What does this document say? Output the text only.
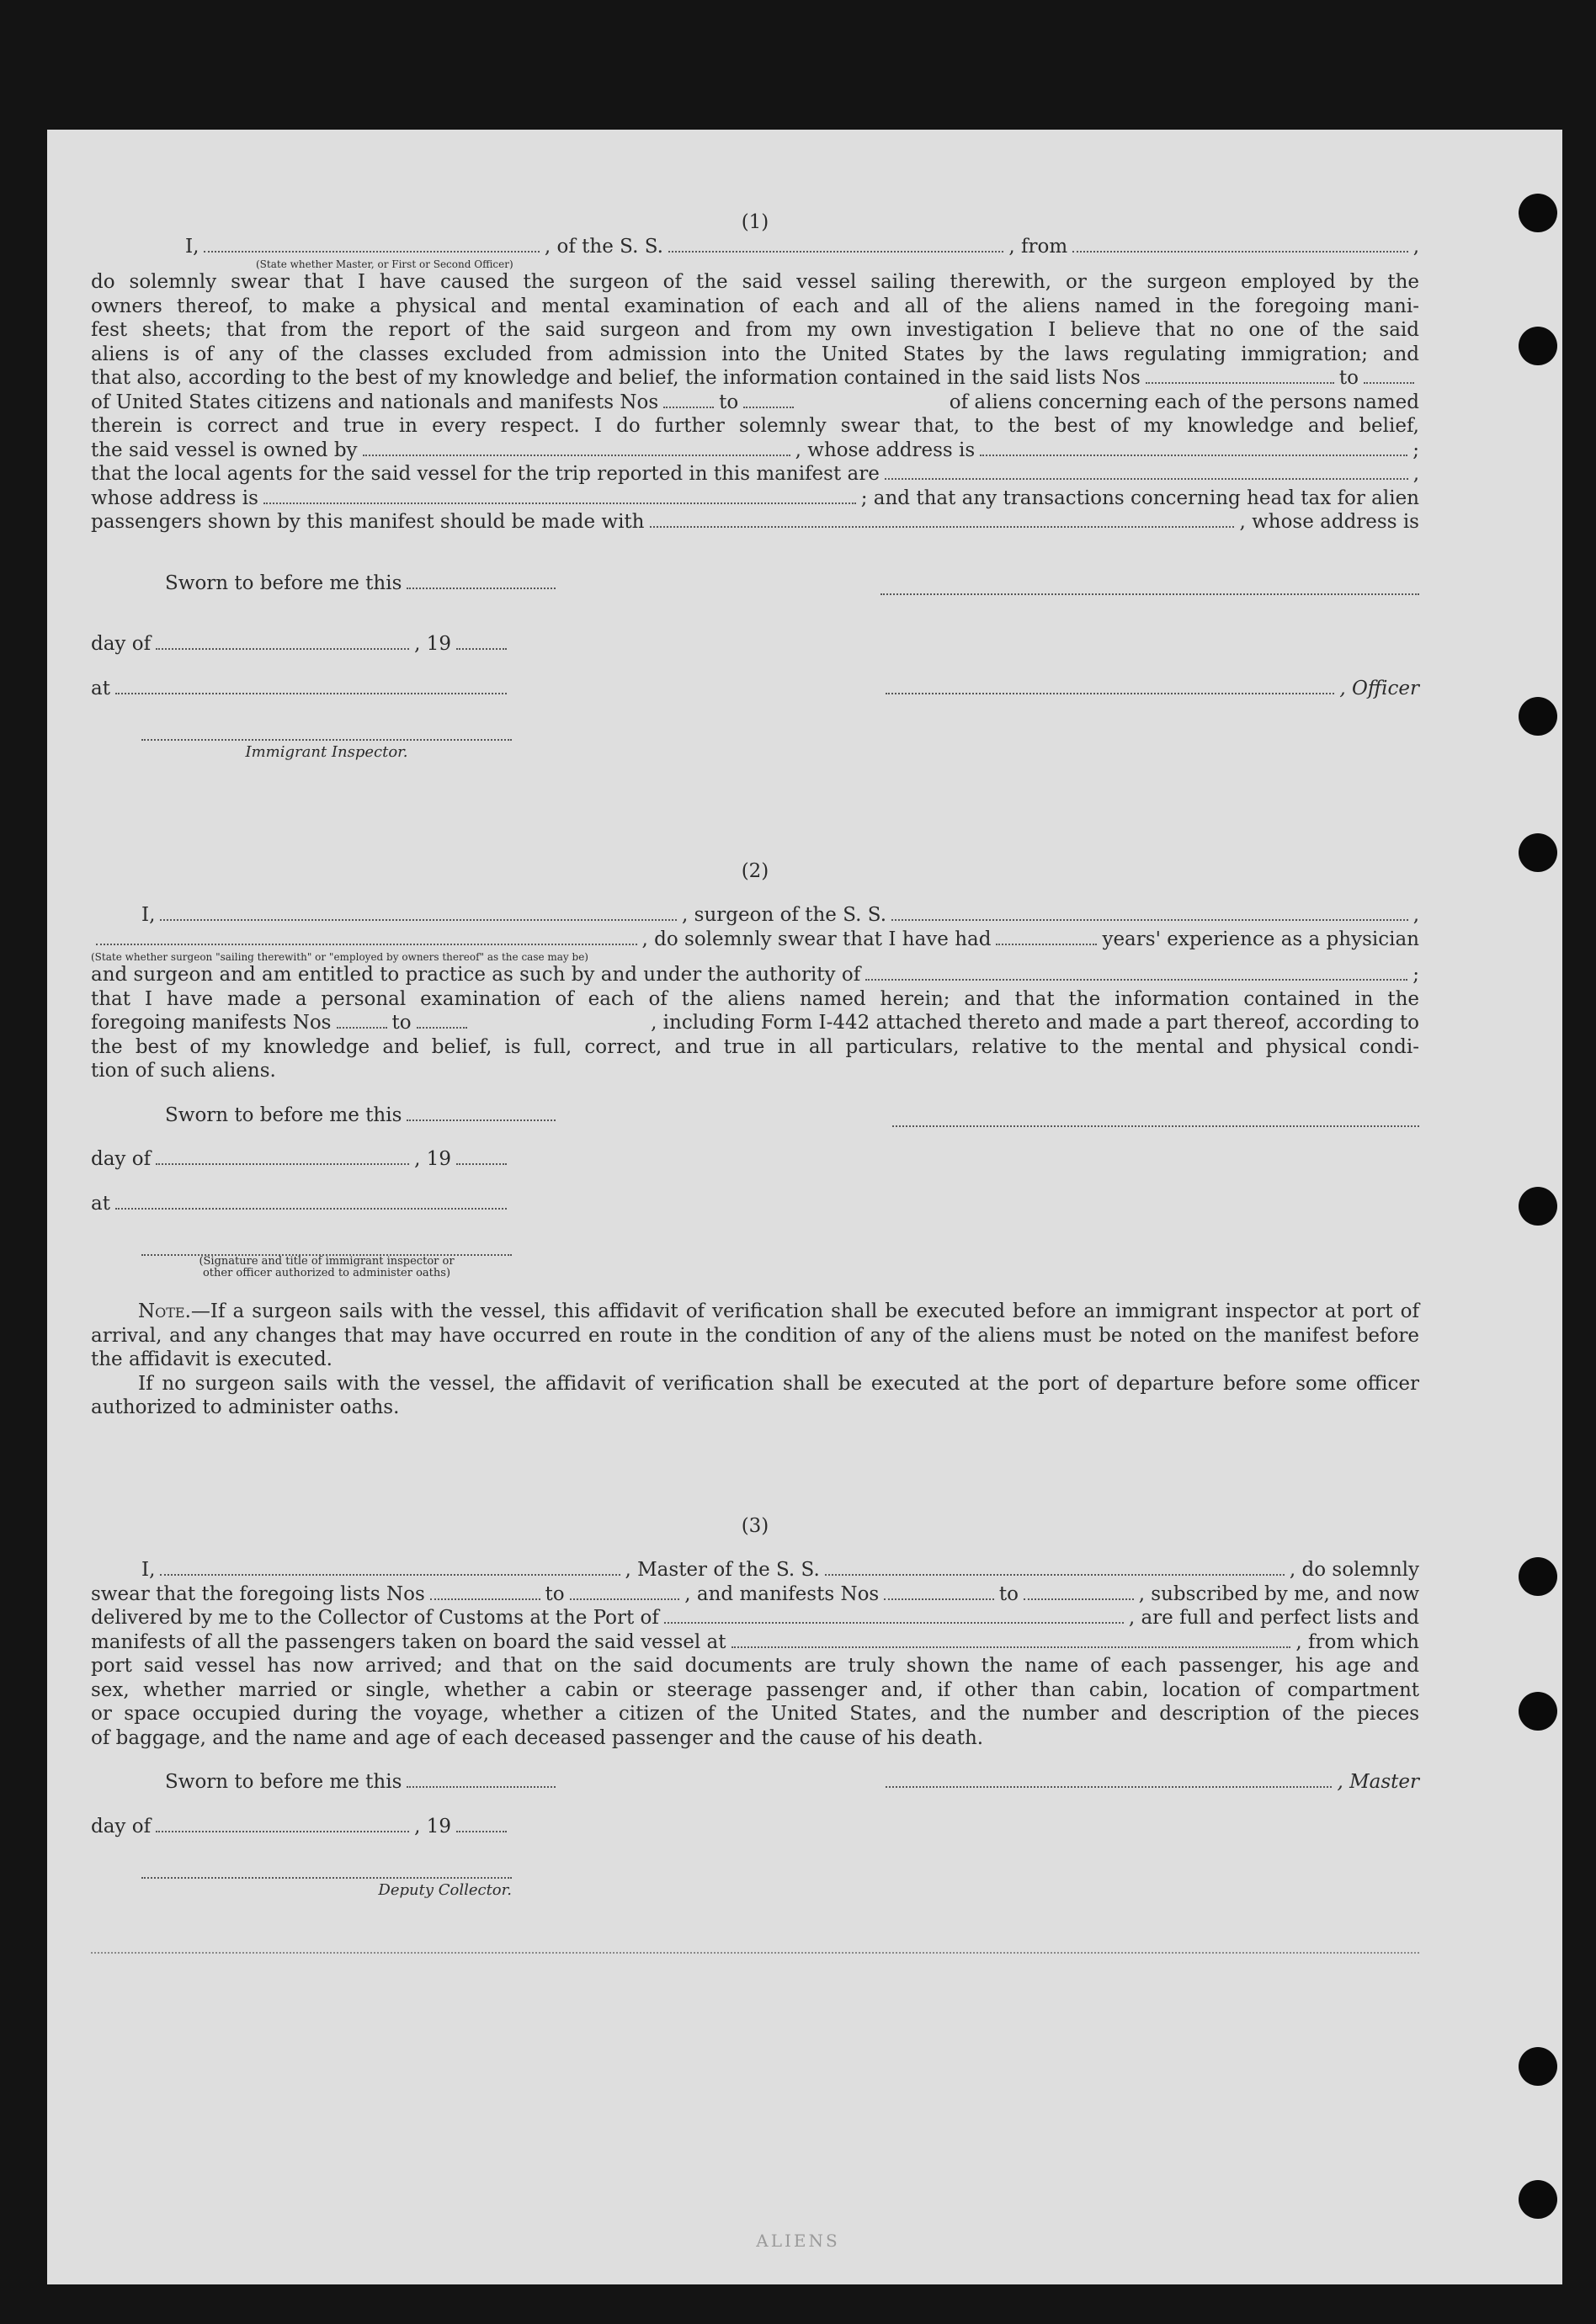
(1)

I,	, of the S. S.	, from	,
(State whether Master, or First or Second Officer)
do solemnly swear that I have caused the surgeon of the said vessel sailing therewith, or the surgeon employed by the
owners thereof, to make a physical and mental examination of each and all of the aliens named in the foregoing mani-
fest sheets; that from the report of the said surgeon and from my own investigation I believe that no one of the said
aliens is of any of the classes excluded from admission into the United States by the laws regulating immigration; and
that also, according to the best of my knowledge and belief, the information contained in the said lists Nos	to
of United States citizens and nationals and manifests Nos	to	of aliens concerning each of the persons named
therein is correct and true in every respect. I do further solemnly swear that, to the best of my knowledge and belief,
the said vessel is owned by	, whose address is	;
that the local agents for the said vessel for the trip reported in this manifest are	,
whose address is	; and that any transactions concerning head tax for alien
passengers shown by this manifest should be made with	, whose address is
Sworn to before me this
day of	, 19
at	, Officer
Immigrant Inspector.

(2)

I,	, surgeon of the S. S.	,
, do solemnly swear that I have had	years' experience as a physician
(State whether surgeon "sailing therewith" or "employed by owners thereof" as the case may be)
and surgeon and am entitled to practice as such by and under the authority of	;
that I have made a personal examination of each of the aliens named herein; and that the information contained in the
foregoing manifests Nos	to	, including Form I-442 attached thereto and made a part thereof, according to
the best of my knowledge and belief, is full, correct, and true in all particulars, relative to the mental and physical condi-
tion of such aliens.
Sworn to before me this
day of	, 19
at
(Signature and title of immigrant inspector or
other officer authorized to administer oaths)
Note.—If a surgeon sails with the vessel, this affidavit of verification shall be executed before an immigrant inspector at port of arrival, and any changes that may have occurred en route in the condition of any of the aliens must be noted on the manifest before the affidavit is executed.
If no surgeon sails with the vessel, the affidavit of verification shall be executed at the port of departure before some officer authorized to administer oaths.

(3)

I,	, Master of the S. S.	, do solemnly
swear that the foregoing lists Nos	to	, and manifests Nos	to	, subscribed by me, and now
delivered by me to the Collector of Customs at the Port of	, are full and perfect lists and
manifests of all the passengers taken on board the said vessel at	, from which
port said vessel has now arrived; and that on the said documents are truly shown the name of each passenger, his age and
sex, whether married or single, whether a cabin or steerage passenger and, if other than cabin, location of compartment
or space occupied during the voyage, whether a citizen of the United States, and the number and description of the pieces
of baggage, and the name and age of each deceased passenger and the cause of his death.
Sworn to before me this	, Master
day of	, 19
Deputy Collector.
ALIENS
